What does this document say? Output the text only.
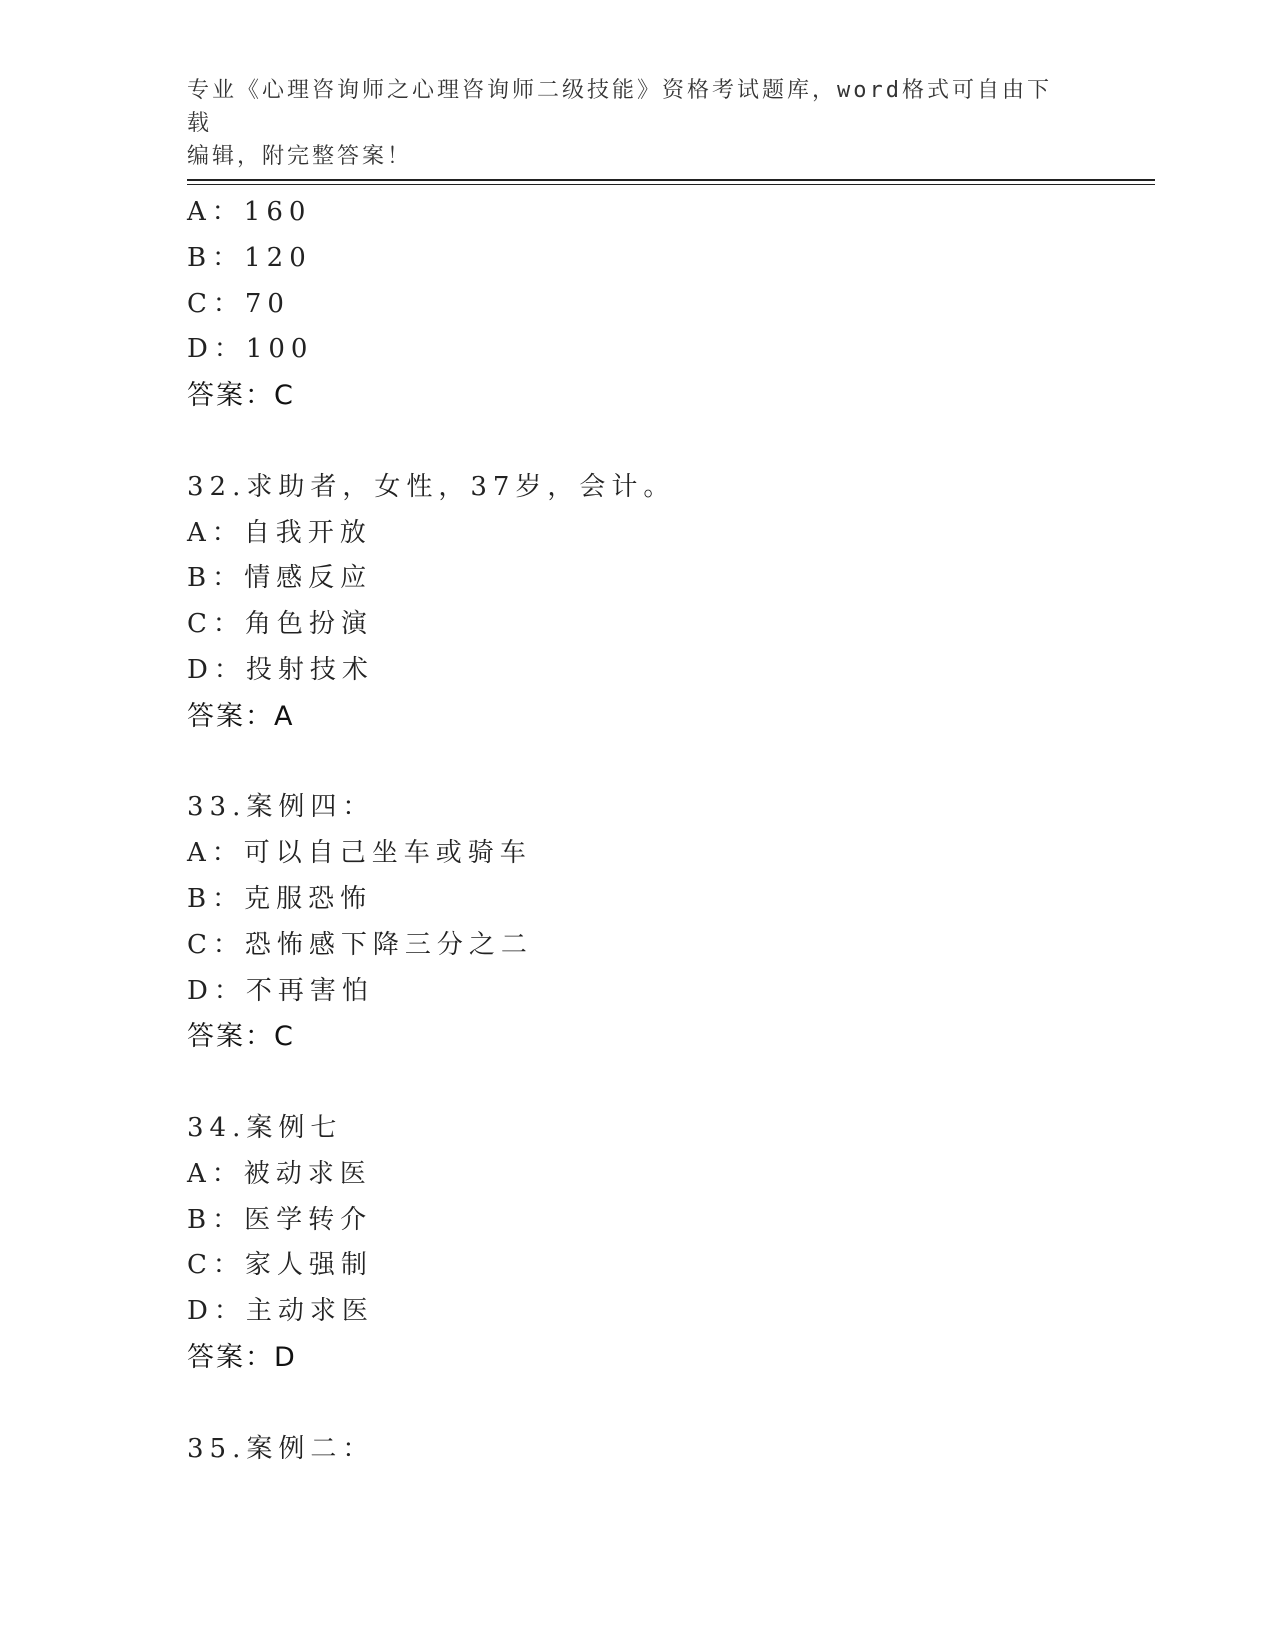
专业《心理咨询师之心理咨询师二级技能》资格考试题库，word格式可自由下载
编辑，附完整答案！
A：160
B：120
C：70
D：100
答案：C
32.求助者，女性，37岁，会计。
A：自我开放
B：情感反应
C：角色扮演
D：投射技术
答案：A
33.案例四：
A：可以自己坐车或骑车
B：克服恐怖
C：恐怖感下降三分之二
D：不再害怕
答案：C
34.案例七
A：被动求医
B：医学转介
C：家人强制
D：主动求医
答案：D
35.案例二：
